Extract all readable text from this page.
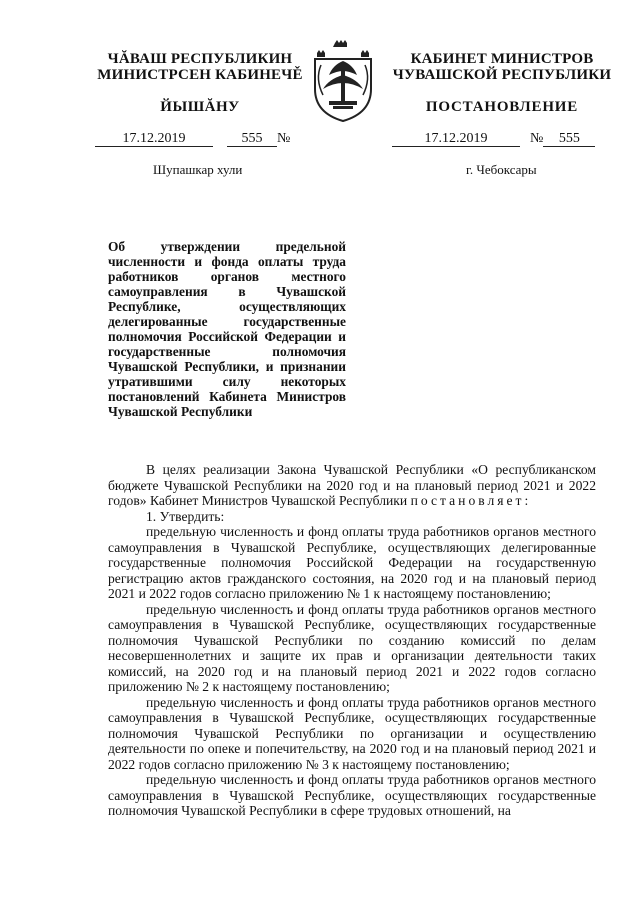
ЧĂВАШ РЕСПУБЛИКИН
МИНИСТРСЕН КАБИНЕЧĚ
ЙЫШĂНУ
КАБИНЕТ МИНИСТРОВ
ЧУВАШСКОЙ РЕСПУБЛИКИ
ПОСТАНОВЛЕНИЕ
17.12.2019	555 №	17.12.2019	№ 555
Шупашкар хули	г. Чебоксары
Об утверждении предельной численности и фонда оплаты труда работников органов местного самоуправления в Чувашской Республике, осуществляющих делегированные государственные полномочия Российской Федерации и государственные полномочия Чувашской Республики, и признании утратившими силу некоторых постановлений Кабинета Министров Чувашской Республики

В целях реализации Закона Чувашской Республики «О республиканском бюджете Чувашской Республики на 2020 год и на плановый период 2021 и 2022 годов» Кабинет Министров Чувашской Республики постановляет:

1. Утвердить:

предельную численность и фонд оплаты труда работников органов местного самоуправления в Чувашской Республике, осуществляющих делегированные государственные полномочия Российской Федерации на государственную регистрацию актов гражданского состояния, на 2020 год и на плановый период 2021 и 2022 годов согласно приложению № 1 к настоящему постановлению;

предельную численность и фонд оплаты труда работников органов местного самоуправления в Чувашской Республике, осуществляющих государственные полномочия Чувашской Республики по созданию комиссий по делам несовершеннолетних и защите их прав и организации деятельности таких комиссий, на 2020 год и на плановый период 2021 и 2022 годов согласно приложению № 2 к настоящему постановлению;

предельную численность и фонд оплаты труда работников органов местного самоуправления в Чувашской Республике, осуществляющих государственные полномочия Чувашской Республики по организации и осуществлению деятельности по опеке и попечительству, на 2020 год и на плановый период 2021 и 2022 годов согласно приложению № 3 к настоящему постановлению;

предельную численность и фонд оплаты труда работников органов местного самоуправления в Чувашской Республике, осуществляющих государственные полномочия Чувашской Республики в сфере трудовых отношений, на
